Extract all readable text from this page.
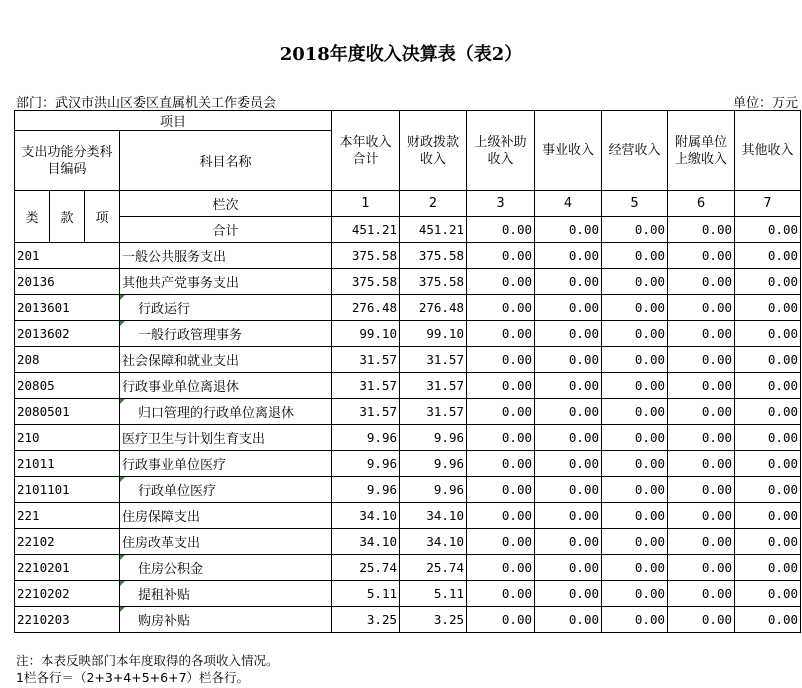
2018年度收入决算表（表2）
部门：武汉市洪山区委区直属机关工作委员会	单位：万元
项目				本年收入合计	财政拨款收入	上级补助收入	事业收入	经营收入	附属单位上缴收入	其他收入
支出功能分类科目编码			科目名称							

类	款	项	栏次	1	2	3	4	5	6	7
			合计	451.21	451.21	0.00	0.00	0.00	0.00	0.00
201			一般公共服务支出	375.58	375.58	0.00	0.00	0.00	0.00	0.00
20136			其他共产党事务支出	375.58	375.58	0.00	0.00	0.00	0.00	0.00
2013601			行政运行	276.48	276.48	0.00	0.00	0.00	0.00	0.00
2013602			一般行政管理事务	99.10	99.10	0.00	0.00	0.00	0.00	0.00
208			社会保障和就业支出	31.57	31.57	0.00	0.00	0.00	0.00	0.00
20805			行政事业单位离退休	31.57	31.57	0.00	0.00	0.00	0.00	0.00
2080501			归口管理的行政单位离退休	31.57	31.57	0.00	0.00	0.00	0.00	0.00
210			医疗卫生与计划生育支出	9.96	9.96	0.00	0.00	0.00	0.00	0.00
21011			行政事业单位医疗	9.96	9.96	0.00	0.00	0.00	0.00	0.00
2101101			行政单位医疗	9.96	9.96	0.00	0.00	0.00	0.00	0.00
221			住房保障支出	34.10	34.10	0.00	0.00	0.00	0.00	0.00
22102			住房改革支出	34.10	34.10	0.00	0.00	0.00	0.00	0.00
2210201			住房公积金	25.74	25.74	0.00	0.00	0.00	0.00	0.00
2210202			提租补贴	5.11	5.11	0.00	0.00	0.00	0.00	0.00
2210203			购房补贴	3.25	3.25	0.00	0.00	0.00	0.00	0.00
注：本表反映部门本年度取得的各项收入情况。
1栏各行＝（2+3+4+5+6+7）栏各行。
